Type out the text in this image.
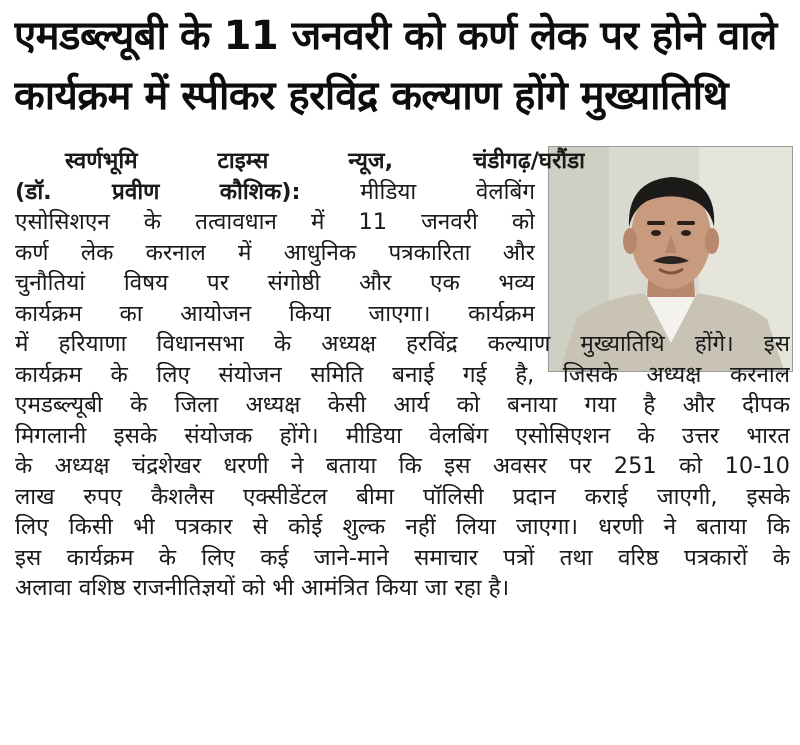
एमडब्ल्यूबी के 11 जनवरी को कर्ण लेक पर होने वाले
कार्यक्रम में स्पीकर हरविंद्र कल्याण होंगे मुख्यातिथि
स्वर्णभूमि टाइम्स न्यूज, चंडीगढ़/घरौंडा
(डॉ. प्रवीण कौशिक):	मीडिया वेलबिंग
एसोसिशएन के तत्वावधान में 11 जनवरी को
कर्ण लेक करनाल में आधुनिक पत्रकारिता और
चुनौतियां विषय पर संगोष्ठी और एक भव्य
कार्यक्रम का आयोजन किया जाएगा। कार्यक्रम
में हरियाणा विधानसभा के अध्यक्ष हरविंद्र कल्याण मुख्यातिथि होंगे। इस
कार्यक्रम के लिए संयोजन समिति बनाई गई है, जिसके अध्यक्ष करनाल
एमडब्ल्यूबी के जिला अध्यक्ष केसी आर्य को बनाया गया है और दीपक
मिगलानी इसके संयोजक होंगे। मीडिया वेलबिंग एसोसिएशन के उत्तर भारत
के अध्यक्ष चंद्रशेखर धरणी ने बताया कि इस अवसर पर 251 को 10-10
लाख रुपए कैशलैस एक्सीडेंटल बीमा पॉलिसी प्रदान कराई जाएगी, इसके
लिए किसी भी पत्रकार से कोई शुल्क नहीं लिया जाएगा। धरणी ने बताया कि
इस कार्यक्रम के लिए कई जाने-माने समाचार पत्रों तथा वरिष्ठ पत्रकारों के
अलावा वशिष्ठ राजनीतिज्ञयों को भी आमंत्रित किया जा रहा है।
